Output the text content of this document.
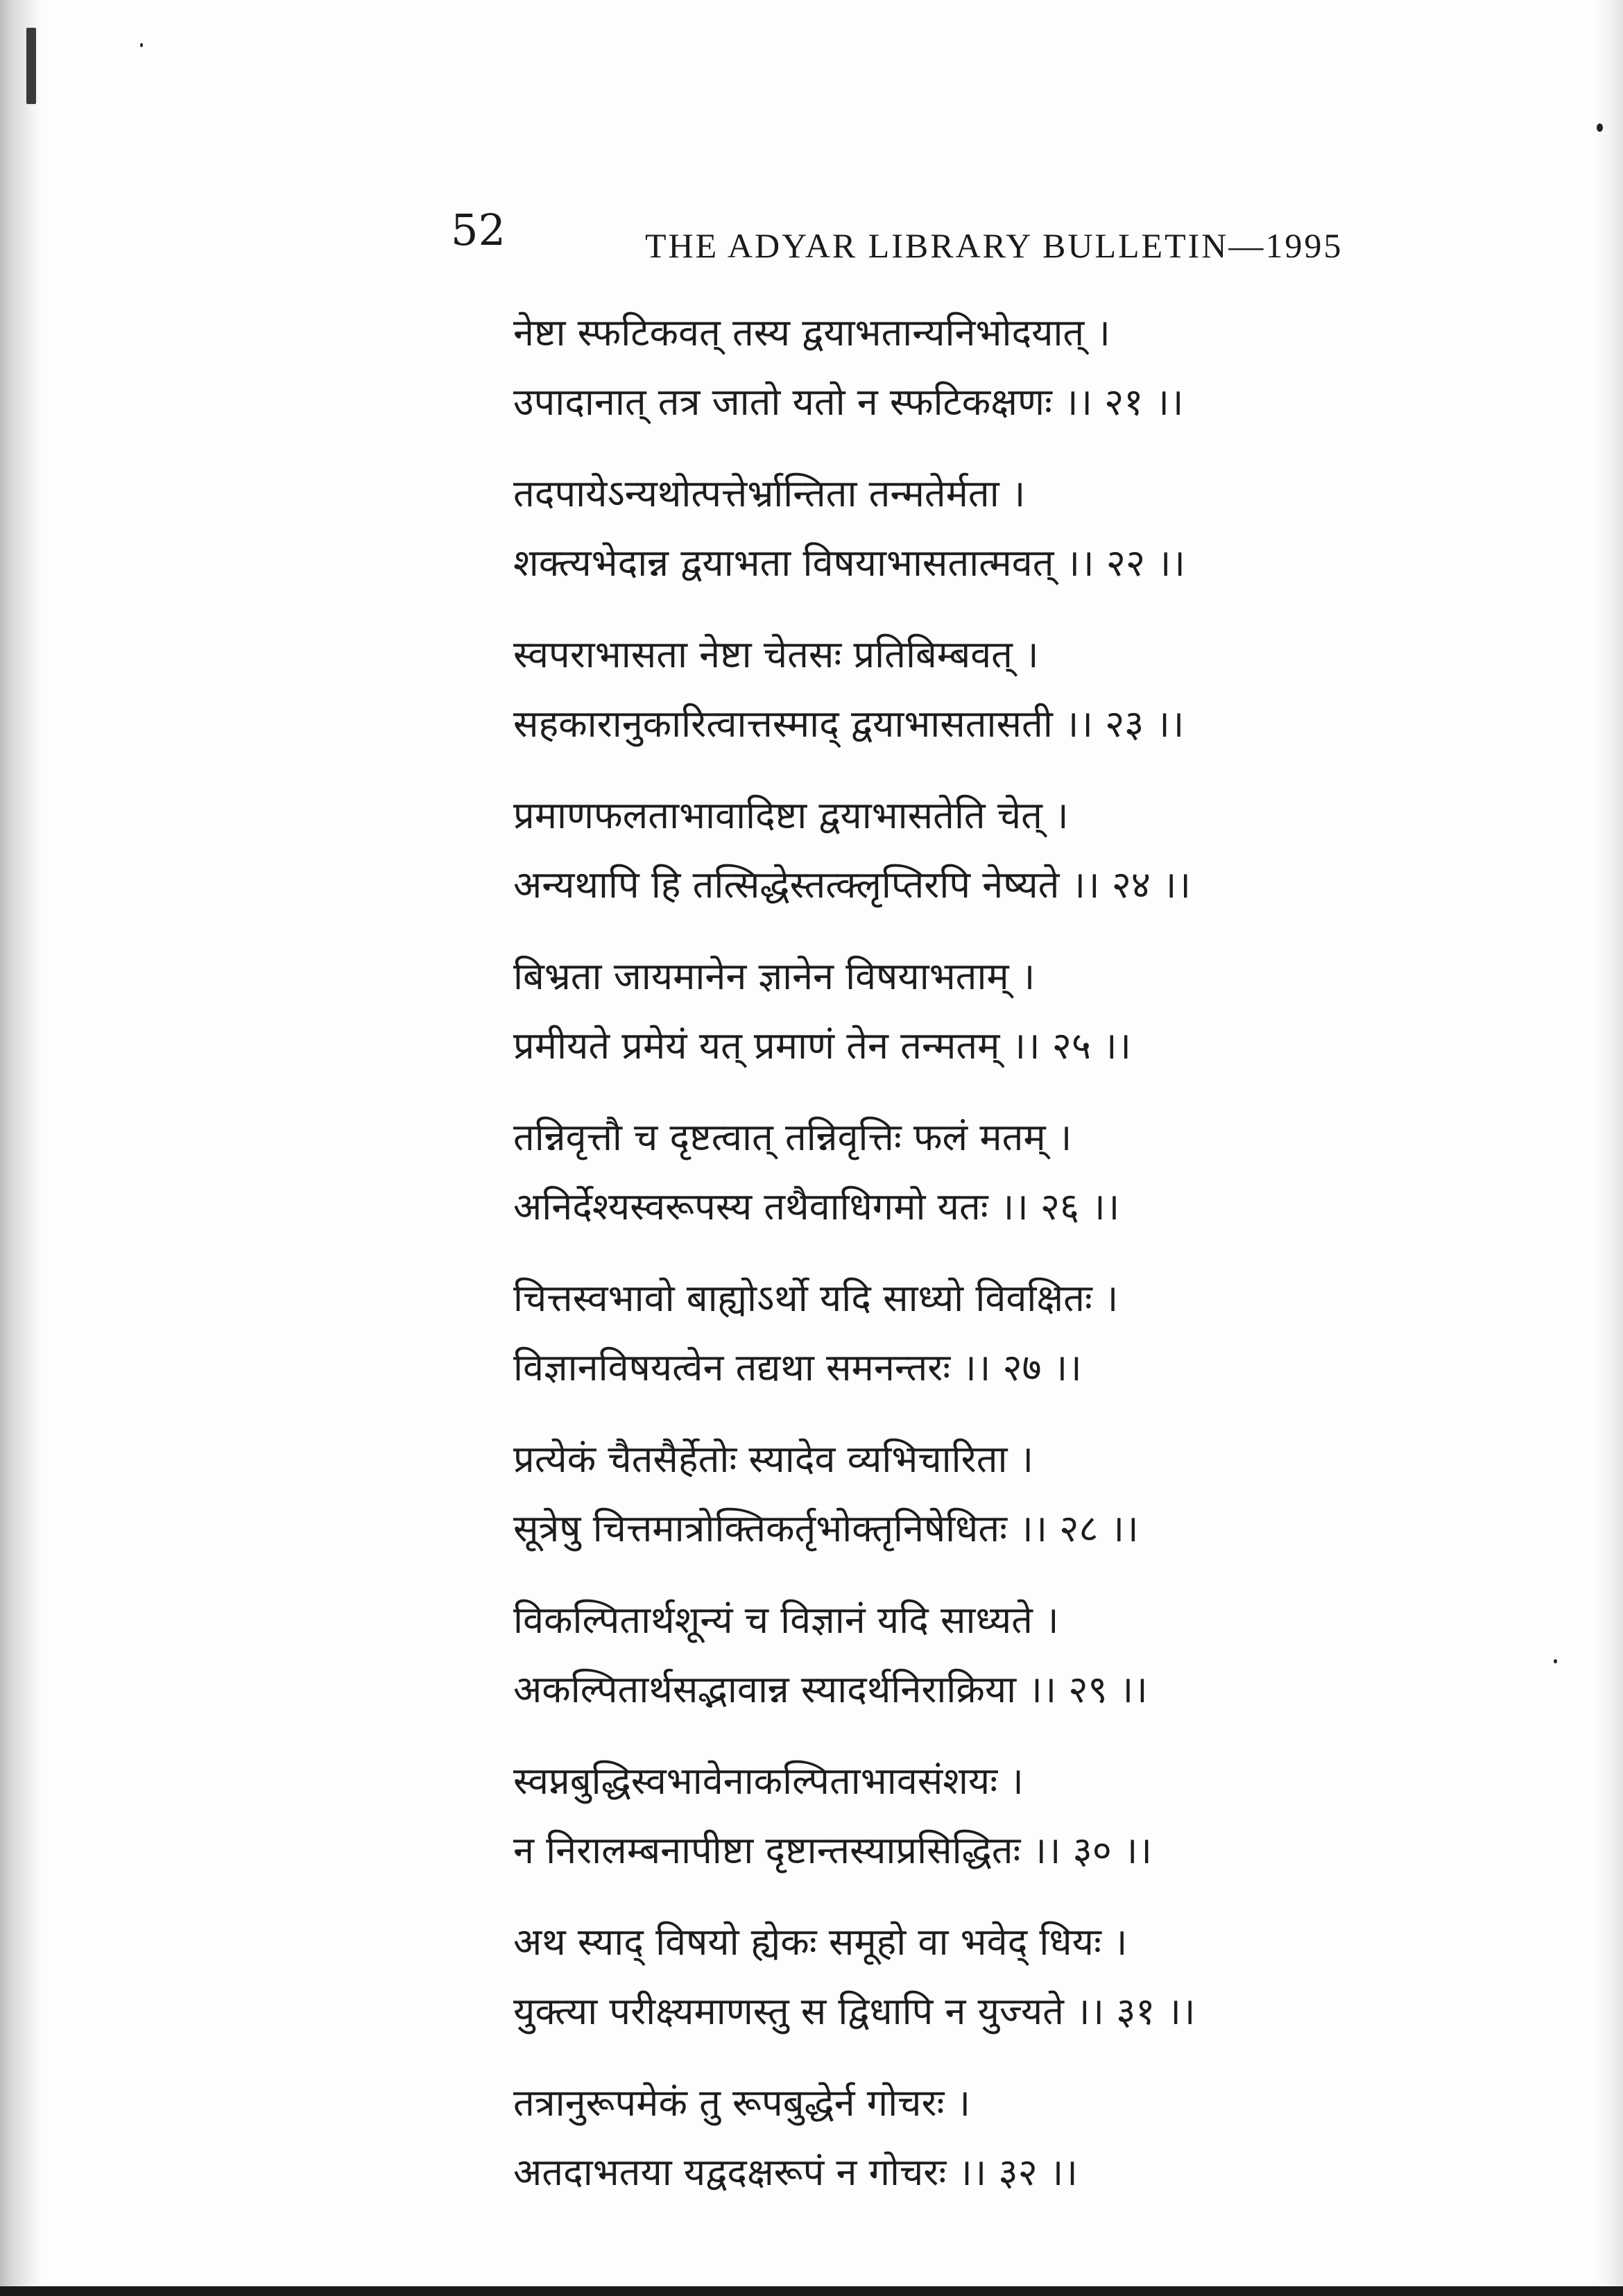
52	THE ADYAR LIBRARY BULLETIN—1995
नेष्टा स्फटिकवत् तस्य द्वयाभतान्यनिभोदयात् ।
उपादानात् तत्र जातो यतो न स्फटिकक्षणः ।। २१ ।।
तदपायेऽन्यथोत्पत्तेर्भ्रान्तिता तन्मतेर्मता ।
शक्त्यभेदान्न द्वयाभता विषयाभासतात्मवत् ।। २२ ।।
स्वपराभासता नेष्टा चेतसः प्रतिबिम्बवत् ।
सहकारानुकारित्वात्तस्माद् द्वयाभासतासती ।। २३ ।।
प्रमाणफलताभावादिष्टा द्वयाभासतेति चेत् ।
अन्यथापि हि तत्सिद्धेस्तत्क्लृप्तिरपि नेष्यते ।। २४ ।।
बिभ्रता जायमानेन ज्ञानेन विषयाभताम् ।
प्रमीयते प्रमेयं यत् प्रमाणं तेन तन्मतम् ।। २५ ।।
तन्निवृत्तौ च दृष्टत्वात् तन्निवृत्तिः फलं मतम् ।
अनिर्देश्यस्वरूपस्य तथैवाधिगमो यतः ।। २६ ।।
चित्तस्वभावो बाह्योऽर्थो यदि साध्यो विवक्षितः ।
विज्ञानविषयत्वेन तद्यथा समनन्तरः ।। २७ ।।
प्रत्येकं चैतसैर्हेतोः स्यादेव व्यभिचारिता ।
सूत्रेषु चित्तमात्रोक्तिकर्तृभोक्तृनिषेधितः ।। २८ ।।
विकल्पितार्थशून्यं च विज्ञानं यदि साध्यते ।
अकल्पितार्थसद्भावान्न स्यादर्थनिराक्रिया ।। २९ ।।
स्वप्नबुद्धिस्वभावेनाकल्पिताभावसंशयः ।
न निरालम्बनापीष्टा दृष्टान्तस्याप्रसिद्धितः ।। ३० ।।
अथ स्याद् विषयो ह्येकः समूहो वा भवेद् धियः ।
युक्त्या परीक्ष्यमाणस्तु स द्विधापि न युज्यते ।। ३१ ।।
तत्रानुरूपमेकं तु रूपबुद्धेर्न गोचरः ।
अतदाभतया यद्वदक्षरूपं न गोचरः ।। ३२ ।।
